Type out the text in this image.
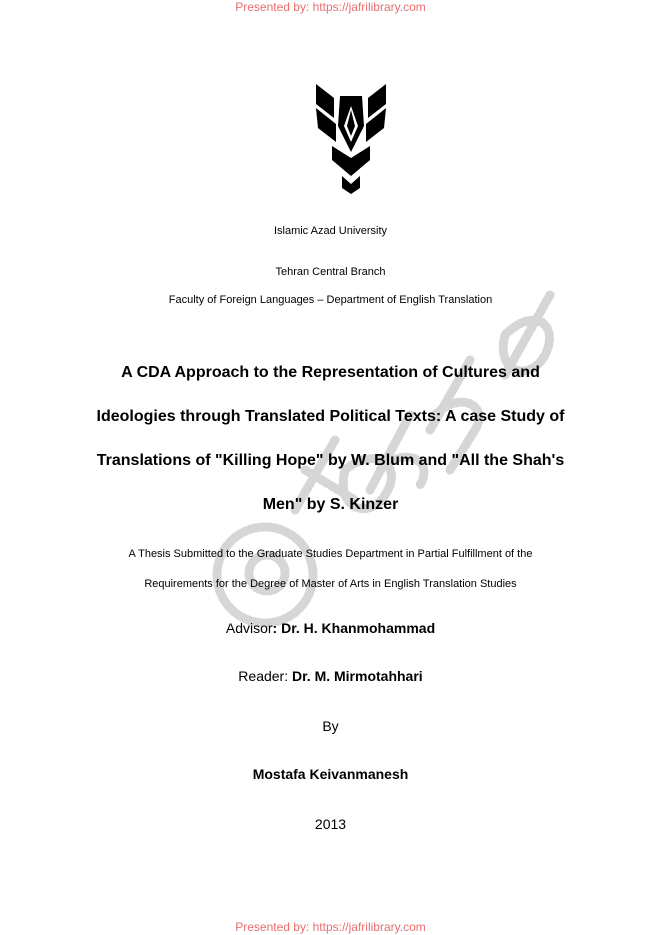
Presented by: https://jafrilibrary.com
Islamic Azad University
Tehran Central Branch
Faculty of Foreign Languages – Department of English Translation
A CDA Approach to the Representation of Cultures and
Ideologies through Translated Political Texts: A case Study of
Translations of "Killing Hope" by W. Blum and "All the Shah's
Men" by S. Kinzer
A Thesis Submitted to the Graduate Studies Department in Partial Fulfillment of the
Requirements for the Degree of Master of Arts in English Translation Studies
Advisor: Dr. H. Khanmohammad
Reader: Dr. M. Mirmotahhari
By
Mostafa Keivanmanesh
2013
Presented by: https://jafrilibrary.com
